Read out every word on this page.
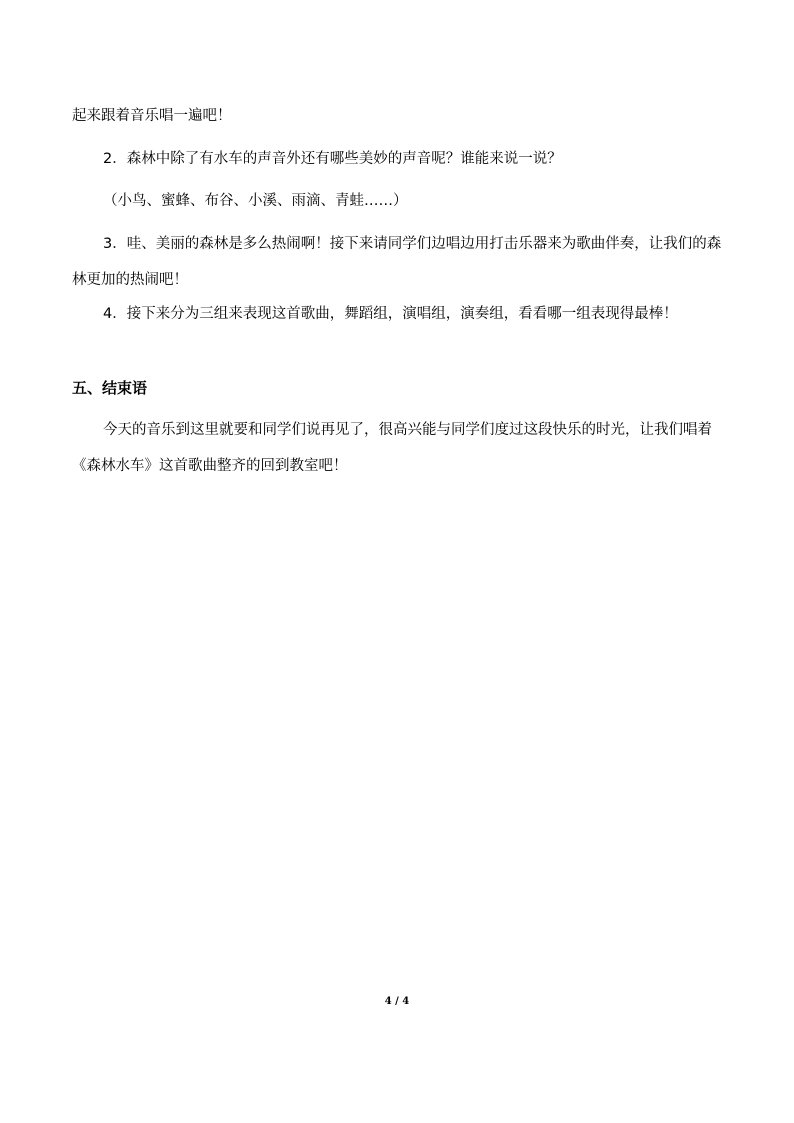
起来跟着音乐唱一遍吧！

2．森林中除了有水车的声音外还有哪些美妙的声音呢？谁能来说一说？

（小鸟、蜜蜂、布谷、小溪、雨滴、青蛙……）

3．哇、美丽的森林是多么热闹啊！接下来请同学们边唱边用打击乐器来为歌曲伴奏，让我们的森林更加的热闹吧！

4．接下来分为三组来表现这首歌曲，舞蹈组，演唱组，演奏组，看看哪一组表现得最棒！

五、结束语

今天的音乐到这里就要和同学们说再见了，很高兴能与同学们度过这段快乐的时光，让我们唱着《森林水车》这首歌曲整齐的回到教室吧！

4 / 4
